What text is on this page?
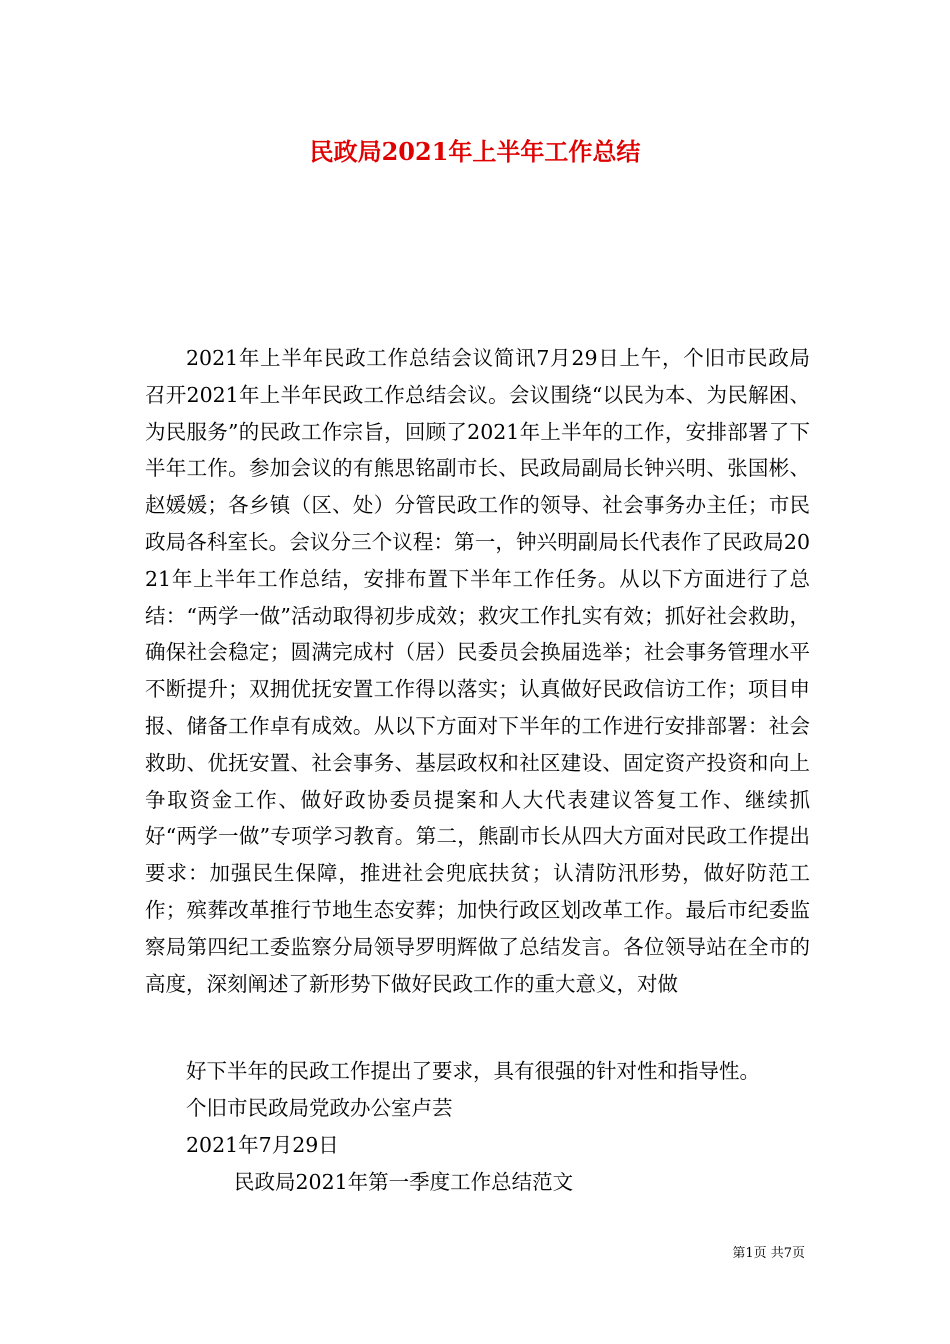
民政局2021年上半年工作总结

2021年上半年民政工作总结会议简讯7月29日上午，个旧市民政局召开2021年上半年民政工作总结会议。会议围绕“以民为本、为民解困、为民服务”的民政工作宗旨，回顾了2021年上半年的工作，安排部署了下半年工作。参加会议的有熊思铭副市长、民政局副局长钟兴明、张国彬、赵媛媛；各乡镇（区、处）分管民政工作的领导、社会事务办主任；市民政局各科室长。会议分三个议程：第一，钟兴明副局长代表作了民政局2021年上半年工作总结，安排布置下半年工作任务。从以下方面进行了总结：“两学一做”活动取得初步成效；救灾工作扎实有效；抓好社会救助，确保社会稳定；圆满完成村（居）民委员会换届选举；社会事务管理水平不断提升；双拥优抚安置工作得以落实；认真做好民政信访工作；项目申报、储备工作卓有成效。从以下方面对下半年的工作进行安排部署：社会救助、优抚安置、社会事务、基层政权和社区建设、固定资产投资和向上争取资金工作、做好政协委员提案和人大代表建议答复工作、继续抓好“两学一做”专项学习教育。第二，熊副市长从四大方面对民政工作提出要求：加强民生保障，推进社会兜底扶贫；认清防汛形势，做好防范工作；殡葬改革推行节地生态安葬；加快行政区划改革工作。最后市纪委监察局第四纪工委监察分局领导罗明辉做了总结发言。各位领导站在全市的高度，深刻阐述了新形势下做好民政工作的重大意义，对做

好下半年的民政工作提出了要求，具有很强的针对性和指导性。

个旧市民政局党政办公室卢芸

2021年7月29日

民政局2021年第一季度工作总结范文

第1页 共7页
